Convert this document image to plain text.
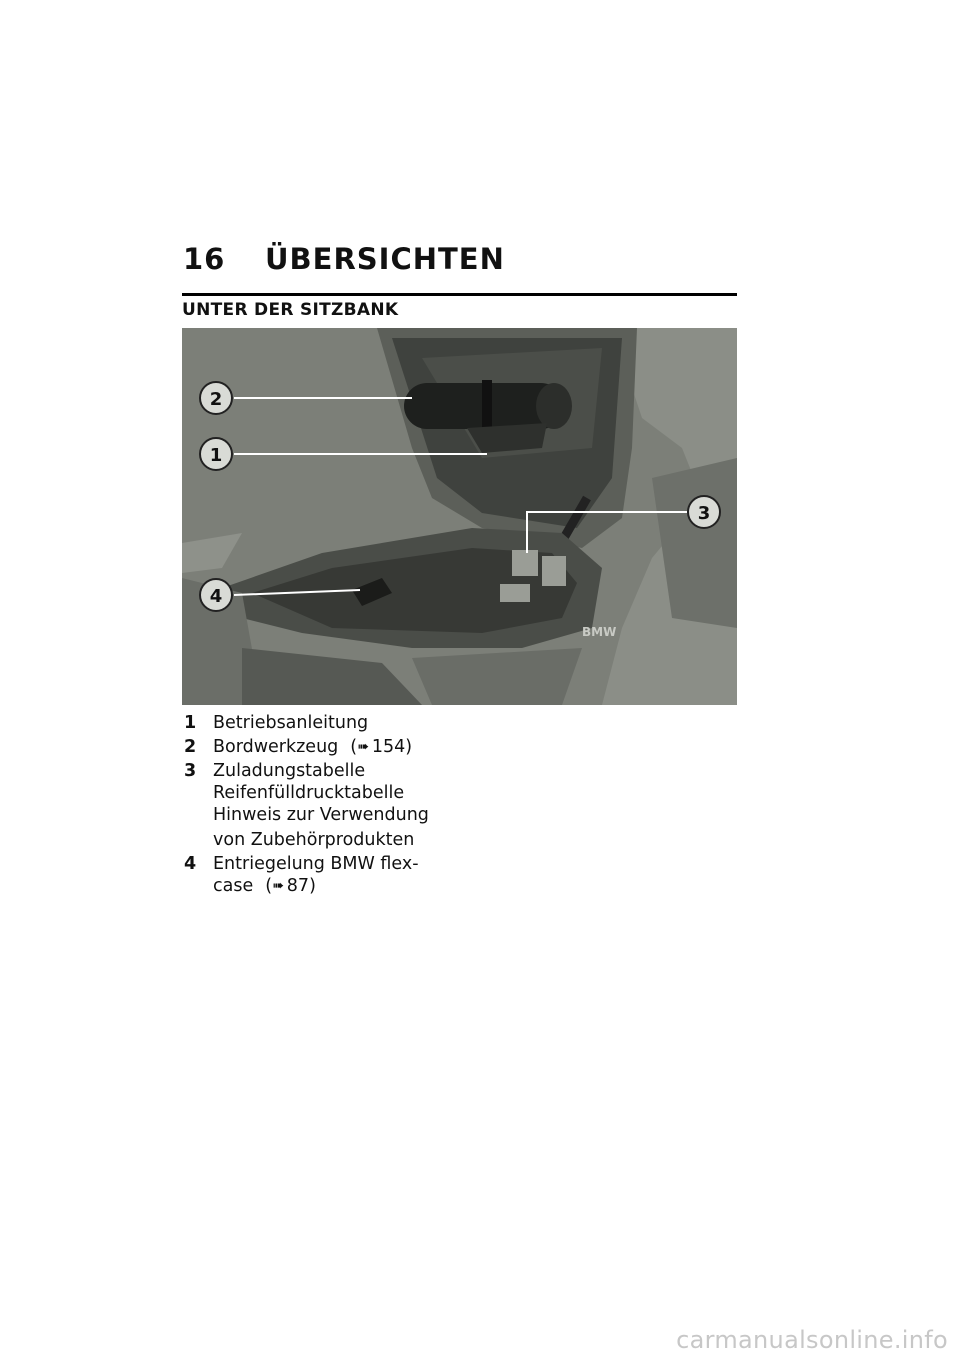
16 ÜBERSICHTEN
UNTER DER SITZBANK
2
1
3
4
BMW
1 Betriebsanleitung
2 Bordwerkzeug (➠ 154)
3 Zuladungstabelle
Reifenfülldrucktabelle
Hinweis zur Verwendung
von Zubehörprodukten
4 Entriegelung BMW flex-
case (➠ 87)
carmanualsonline.info
